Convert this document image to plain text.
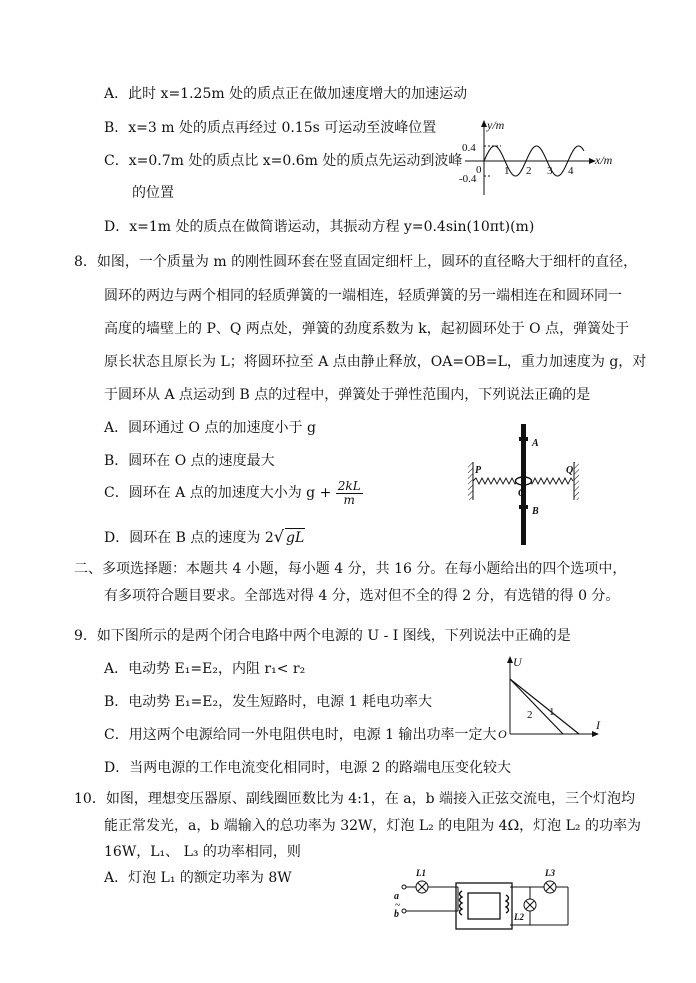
A．此时 x=1.25m 处的质点正在做加速度增大的加速运动
B．x=3 m 处的质点再经过 0.15s 可运动至波峰位置
C．x=0.7m 处的质点比 x=0.6m 处的质点先运动到波峰
的位置
D．x=1m 处的质点在做简谐运动，其振动方程 y=0.4sin(10πt)(m)
y/m
x/m
0.4
-0.4
0 1 2 3 4
8．如图，一个质量为 m 的刚性圆环套在竖直固定细杆上，圆环的直径略大于细杆的直径，
圆环的两边与两个相同的轻质弹簧的一端相连，轻质弹簧的另一端相连在和圆环同一
高度的墙壁上的 P、Q 两点处，弹簧的劲度系数为 k，起初圆环处于 O 点，弹簧处于
原长状态且原长为 L；将圆环拉至 A 点由静止释放，OA=OB=L，重力加速度为 g，对
于圆环从 A 点运动到 B 点的过程中，弹簧处于弹性范围内，下列说法正确的是
A．圆环通过 O 点的加速度小于 g
B．圆环在 O 点的速度最大
C．圆环在 A 点的加速度大小为 $g + \frac{2kL}{m}$
D．圆环在 B 点的速度为 2√ gL
P	Q
A
O
B
二、多项选择题：本题共 4 小题，每小题 4 分，共 16 分。在每小题给出的四个选项中，
有多项符合题目要求。全部选对得 4 分，选对但不全的得 2 分，有选错的得 0 分。
9．如下图所示的是两个闭合电路中两个电源的 U - I 图线，下列说法中正确的是
A．电动势 E₁=E₂，内阻 r₁< r₂
B．电动势 E₁=E₂，发生短路时，电源 1 耗电功率大
C．用这两个电源给同一外电阻供电时，电源 1 输出功率一定大
D．当两电源的工作电流变化相同时，电源 2 的路端电压变化较大
U
I
O
1
2
10．如图，理想变压器原、副线圈匝数比为 4:1，在 a，b 端接入正弦交流电，三个灯泡均
能正常发光，a，b 端输入的总功率为 32W，灯泡 L₂ 的电阻为 4Ω，灯泡 L₂ 的功率为
16W，L₁、 L₃ 的功率相同，则
A．灯泡 L₁ 的额定功率为 8W	L1	L3
L2
a
b
~
